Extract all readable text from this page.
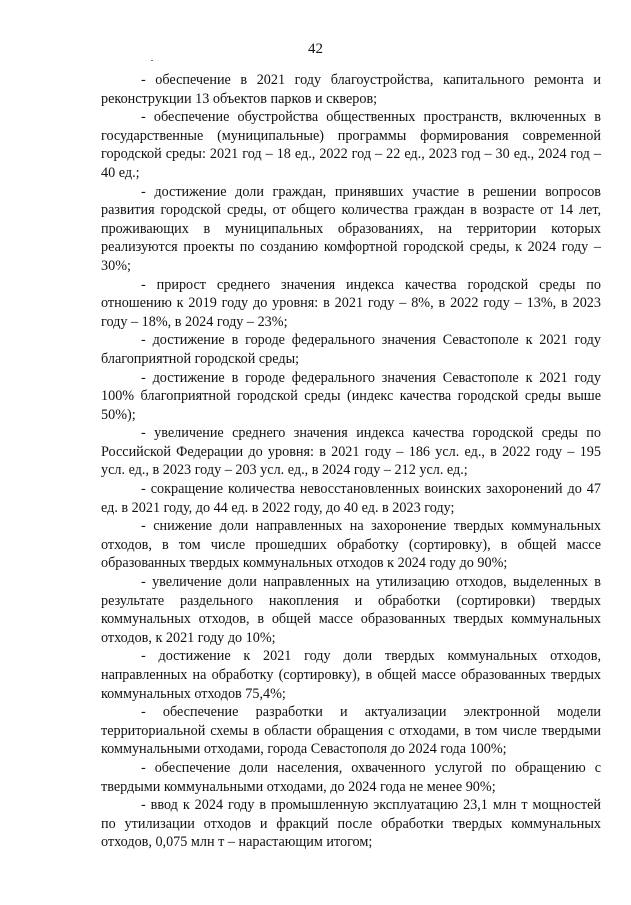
42

- обеспечение в 2021 году благоустройства, капитального ремонта и реконструкции 13 объектов парков и скверов;

- обеспечение обустройства общественных пространств, включенных в государственные (муниципальные) программы формирования современной городской среды: 2021 год – 18 ед., 2022 год – 22 ед., 2023 год – 30 ед., 2024 год – 40 ед.;

- достижение доли граждан, принявших участие в решении вопросов развития городской среды, от общего количества граждан в возрасте от 14 лет, проживающих в муниципальных образованиях, на территории которых реализуются проекты по созданию комфортной городской среды, к 2024 году – 30%;

- прирост среднего значения индекса качества городской среды по отношению к 2019 году до уровня: в 2021 году – 8%, в 2022 году – 13%, в 2023 году – 18%, в 2024 году – 23%;

- достижение в городе федерального значения Севастополе к 2021 году благоприятной городской среды;

- достижение в городе федерального значения Севастополе к 2021 году 100% благоприятной городской среды (индекс качества городской среды выше 50%);

- увеличение среднего значения индекса качества городской среды по Российской Федерации до уровня: в 2021 году – 186 усл. ед., в 2022 году – 195 усл. ед., в 2023 году – 203 усл. ед., в 2024 году – 212 усл. ед.;

- сокращение количества невосстановленных воинских захоронений до 47 ед. в 2021 году, до 44 ед. в 2022 году, до 40 ед. в 2023 году;

- снижение доли направленных на захоронение твердых коммунальных отходов, в том числе прошедших обработку (сортировку), в общей массе образованных твердых коммунальных отходов к 2024 году до 90%;

- увеличение доли направленных на утилизацию отходов, выделенных в результате раздельного накопления и обработки (сортировки) твердых коммунальных отходов, в общей массе образованных твердых коммунальных отходов, к 2021 году до 10%;

- достижение к 2021 году доли твердых коммунальных отходов, направленных на обработку (сортировку), в общей массе образованных твердых коммунальных отходов 75,4%;

- обеспечение разработки и актуализации электронной модели территориальной схемы в области обращения с отходами, в том числе твердыми коммунальными отходами, города Севастополя до 2024 года 100%;

- обеспечение доли населения, охваченного услугой по обращению с твердыми коммунальными отходами, до 2024 года не менее 90%;

- ввод к 2024 году в промышленную эксплуатацию 23,1 млн т мощностей по утилизации отходов и фракций после обработки твердых коммунальных отходов, 0,075 млн т – нарастающим итогом;
